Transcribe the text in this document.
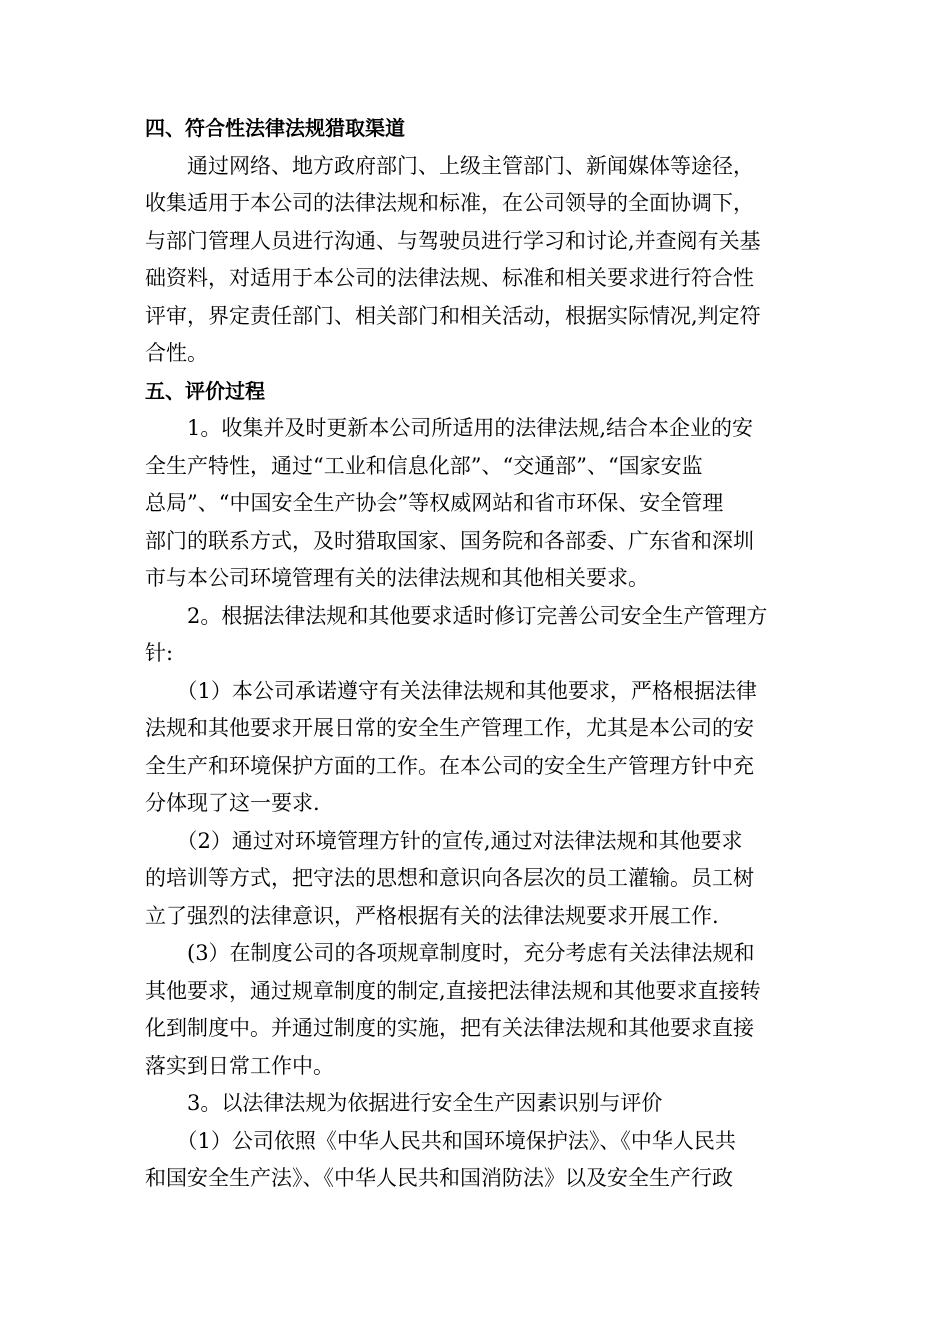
四、符合性法律法规猎取渠道
　　通过网络、地方政府部门、上级主管部门、新闻媒体等途径，
收集适用于本公司的法律法规和标准，在公司领导的全面协调下，
与部门管理人员进行沟通、与驾驶员进行学习和讨论,并查阅有关基
础资料，对适用于本公司的法律法规、标准和相关要求进行符合性
评审，界定责任部门、相关部门和相关活动，根据实际情况,判定符
合性。
五、评价过程
　　1。收集并及时更新本公司所适用的法律法规,结合本企业的安
全生产特性，通过“工业和信息化部”、“交通部”、“国家安监
总局”、“中国安全生产协会”等权威网站和省市环保、安全管理
部门的联系方式，及时猎取国家、国务院和各部委、广东省和深圳
市与本公司环境管理有关的法律法规和其他相关要求。
　　2。根据法律法规和其他要求适时修订完善公司安全生产管理方
针:
　　（1）本公司承诺遵守有关法律法规和其他要求，严格根据法律
法规和其他要求开展日常的安全生产管理工作，尤其是本公司的安
全生产和环境保护方面的工作。在本公司的安全生产管理方针中充
分体现了这一要求.
　　（2）通过对环境管理方针的宣传,通过对法律法规和其他要求
的培训等方式，把守法的思想和意识向各层次的员工灌输。员工树
立了强烈的法律意识，严格根据有关的法律法规要求开展工作.
　　(3）在制度公司的各项规章制度时，充分考虑有关法律法规和
其他要求，通过规章制度的制定,直接把法律法规和其他要求直接转
化到制度中。并通过制度的实施，把有关法律法规和其他要求直接
落实到日常工作中。
　　3。以法律法规为依据进行安全生产因素识别与评价
　　（1）公司依照《中华人民共和国环境保护法》、《中华人民共
和国安全生产法》、《中华人民共和国消防法》以及安全生产行政
